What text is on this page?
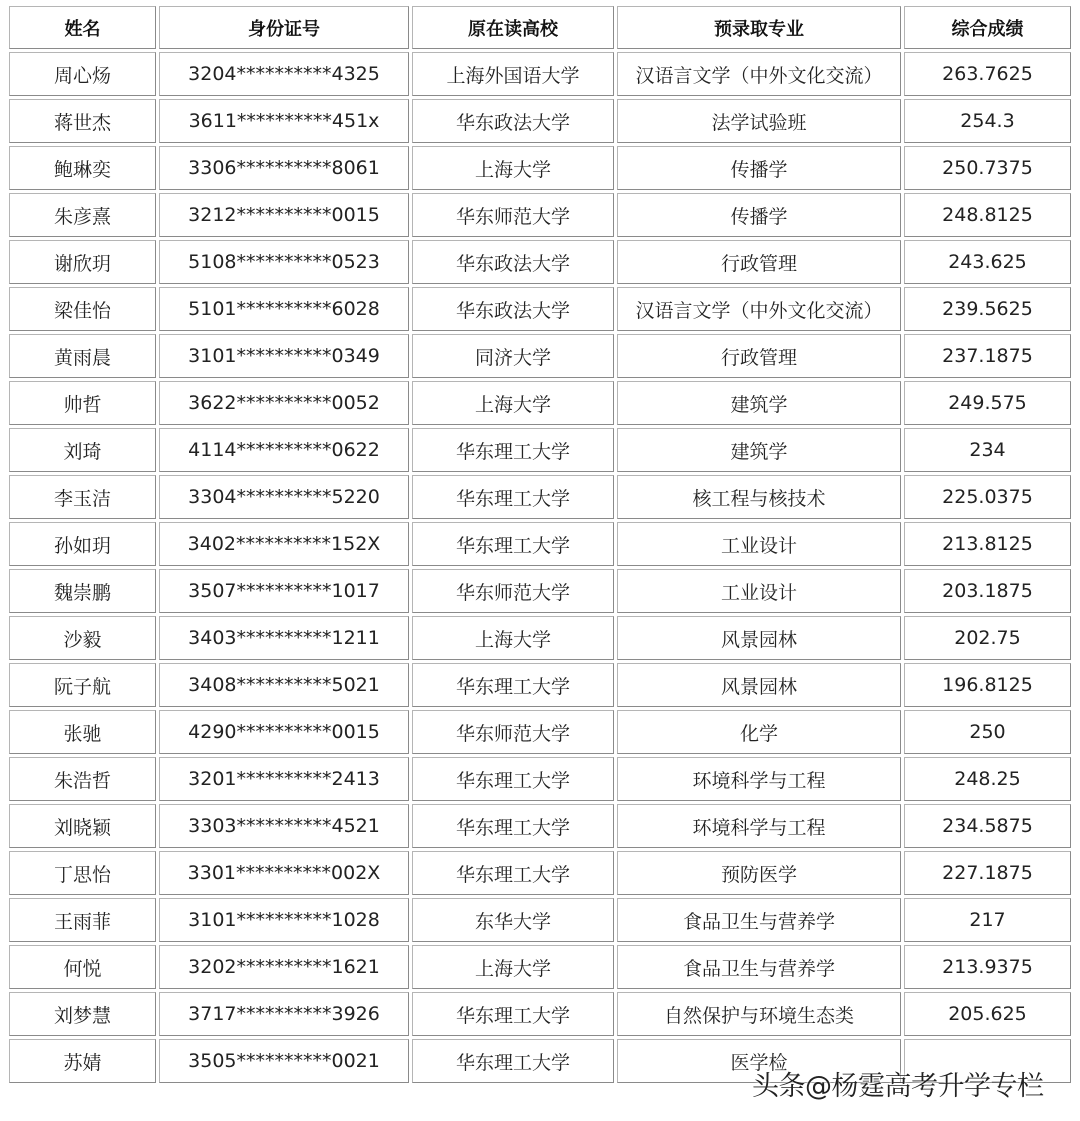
姓名	身份证号	原在读高校	预录取专业	综合成绩
周心炀	3204**********4325	上海外国语大学	汉语言文学（中外文化交流）	263.7625
蒋世杰	3611**********451x	华东政法大学	法学试验班	254.3
鲍琳奕	3306**********8061	上海大学	传播学	250.7375
朱彦熹	3212**********0015	华东师范大学	传播学	248.8125
谢欣玥	5108**********0523	华东政法大学	行政管理	243.625
梁佳怡	5101**********6028	华东政法大学	汉语言文学（中外文化交流）	239.5625
黄雨晨	3101**********0349	同济大学	行政管理	237.1875
帅哲	3622**********0052	上海大学	建筑学	249.575
刘琦	4114**********0622	华东理工大学	建筑学	234
李玉洁	3304**********5220	华东理工大学	核工程与核技术	225.0375
孙如玥	3402**********152X	华东理工大学	工业设计	213.8125
魏崇鹏	3507**********1017	华东师范大学	工业设计	203.1875
沙毅	3403**********1211	上海大学	风景园林	202.75
阮子航	3408**********5021	华东理工大学	风景园林	196.8125
张驰	4290**********0015	华东师范大学	化学	250
朱浩哲	3201**********2413	华东理工大学	环境科学与工程	248.25
刘晓颖	3303**********4521	华东理工大学	环境科学与工程	234.5875
丁思怡	3301**********002X	华东理工大学	预防医学	227.1875
王雨菲	3101**********1028	东华大学	食品卫生与营养学	217
何悦	3202**********1621	上海大学	食品卫生与营养学	213.9375
刘梦慧	3717**********3926	华东理工大学	自然保护与环境生态类	205.625
苏婧	3505**********0021	华东理工大学	医学检	
头条@杨霆高考升学专栏
